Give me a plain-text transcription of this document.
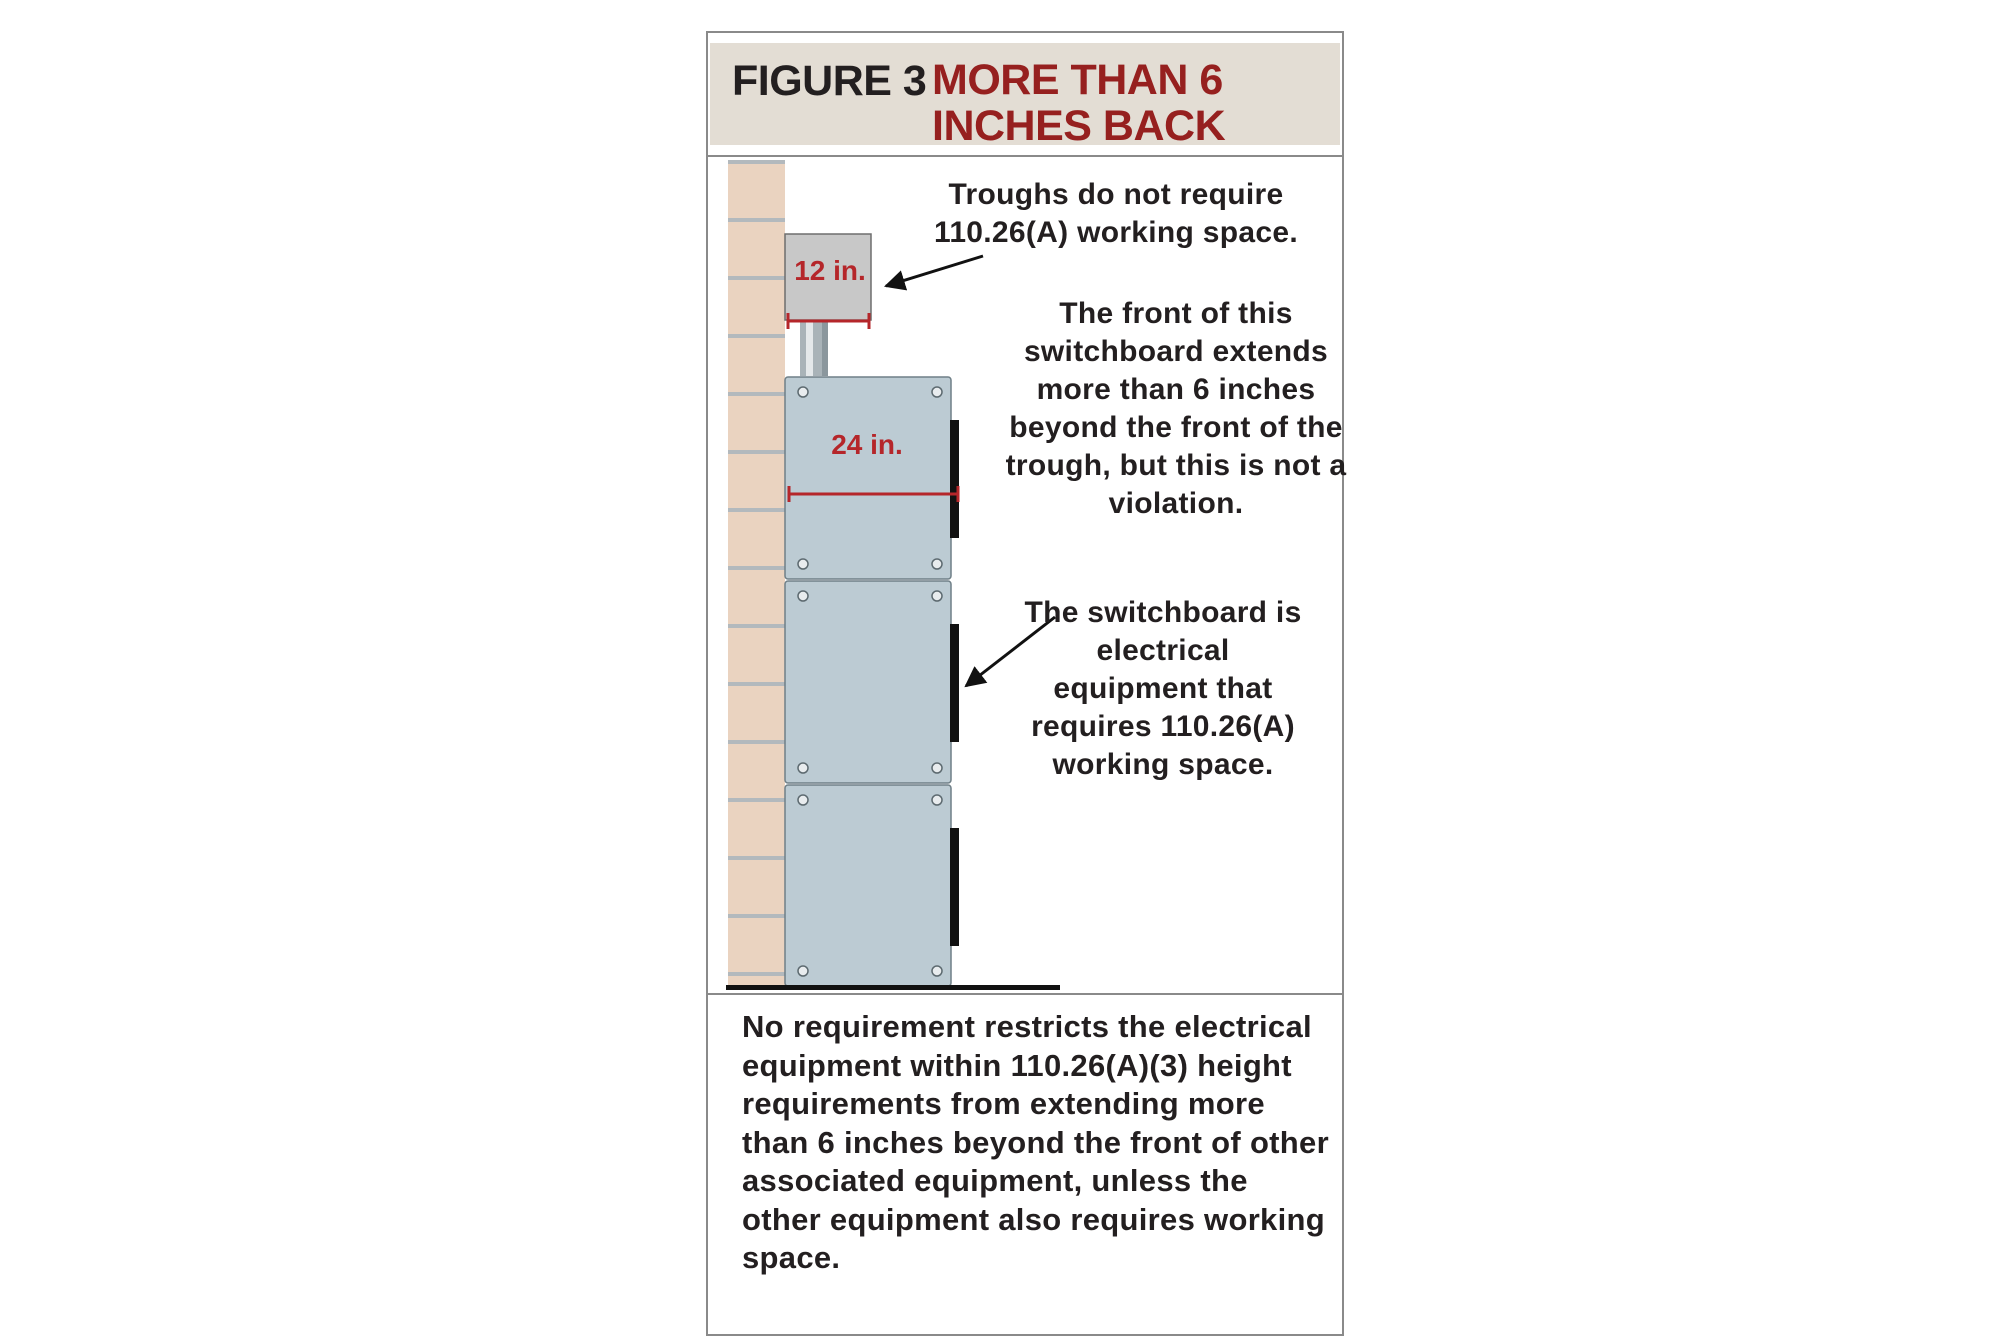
FIGURE 3 MORE THAN 6 INCHES BACK
12 in.
24 in.
Troughs do not require 110.26(A) working space.
The front of this switchboard extends more than 6 inches beyond the front of the trough, but this is not a violation.
The switchboard is electrical equipment that requires 110.26(A) working space.
No requirement restricts the electrical equipment within 110.26(A)(3) height requirements from extending more than 6 inches beyond the front of other associated equipment, unless the other equipment also requires working space.
